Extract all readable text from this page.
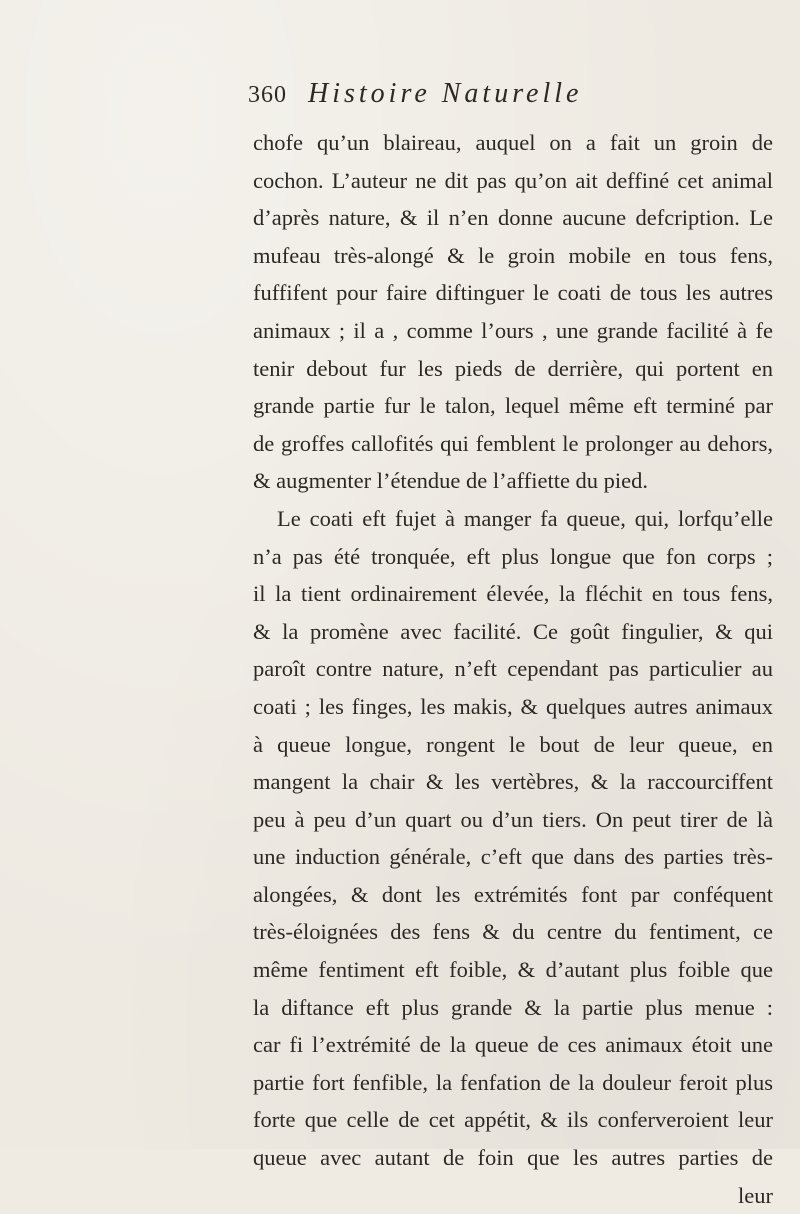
360 Histoire Naturelle
chofe qu’un blaireau, auquel on a fait un groin de
cochon. L’auteur ne dit pas qu’on ait deffiné cet animal
d’après nature, & il n’en donne aucune defcription. Le
mufeau très-alongé & le groin mobile en tous fens,
fuffifent pour faire diftinguer le coati de tous les autres
animaux ; il a , comme l’ours , une grande facilité à fe
tenir debout fur les pieds de derrière, qui portent en
grande partie fur le talon, lequel même eft terminé par
de groffes callofités qui femblent le prolonger au dehors,
& augmenter l’étendue de l’affiette du pied.
Le coati eft fujet à manger fa queue, qui, lorfqu’elle
n’a pas été tronquée, eft plus longue que fon corps ;
il la tient ordinairement élevée, la fléchit en tous fens,
& la promène avec facilité. Ce goût fingulier, & qui
paroît contre nature, n’eft cependant pas particulier au
coati ; les finges, les makis, & quelques autres animaux
à queue longue, rongent le bout de leur queue, en
mangent la chair & les vertèbres, & la raccourciffent
peu à peu d’un quart ou d’un tiers. On peut tirer de là
une induction générale, c’eft que dans des parties très-
alongées, & dont les extrémités font par conféquent
très-éloignées des fens & du centre du fentiment, ce
même fentiment eft foible, & d’autant plus foible que
la diftance eft plus grande & la partie plus menue :
car fi l’extrémité de la queue de ces animaux étoit une
partie fort fenfible, la fenfation de la douleur feroit plus
forte que celle de cet appétit, & ils conferveroient leur
queue avec autant de foin que les autres parties de
leur
